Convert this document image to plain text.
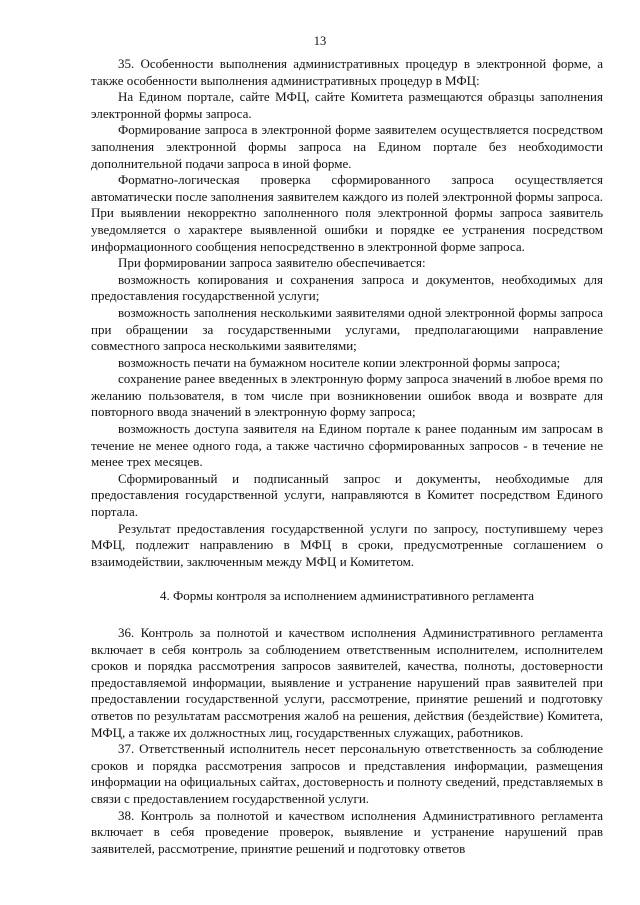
13

35. Особенности выполнения административных процедур в электронной форме, а также особенности выполнения административных процедур в МФЦ:

На Едином портале, сайте МФЦ, сайте Комитета размещаются образцы заполнения электронной формы запроса.

Формирование запроса в электронной форме заявителем осуществляется посредством заполнения электронной формы запроса на Едином портале без необходимости дополнительной подачи запроса в иной форме.

Форматно-логическая проверка сформированного запроса осуществляется автоматически после заполнения заявителем каждого из полей электронной формы запроса. При выявлении некорректно заполненного поля электронной формы запроса заявитель уведомляется о характере выявленной ошибки и порядке ее устранения посредством информационного сообщения непосредственно в электронной форме запроса.

При формировании запроса заявителю обеспечивается:

возможность копирования и сохранения запроса и документов, необходимых для предоставления государственной услуги;

возможность заполнения несколькими заявителями одной электронной формы запроса при обращении за государственными услугами, предполагающими направление совместного запроса несколькими заявителями;

возможность печати на бумажном носителе копии электронной формы запроса;

сохранение ранее введенных в электронную форму запроса значений в любое время по желанию пользователя, в том числе при возникновении ошибок ввода и возврате для повторного ввода значений в электронную форму запроса;

возможность доступа заявителя на Едином портале к ранее поданным им запросам в течение не менее одного года, а также частично сформированных запросов - в течение не менее трех месяцев.

Сформированный и подписанный запрос и документы, необходимые для предоставления государственной услуги, направляются в Комитет посредством Единого портала.

Результат предоставления государственной услуги по запросу, поступившему через МФЦ, подлежит направлению в МФЦ в сроки, предусмотренные соглашением о взаимодействии, заключенным между МФЦ и Комитетом.

4. Формы контроля за исполнением административного регламента

36. Контроль за полнотой и качеством исполнения Административного регламента включает в себя контроль за соблюдением ответственным исполнителем, исполнителем сроков и порядка рассмотрения запросов заявителей, качества, полноты, достоверности предоставляемой информации, выявление и устранение нарушений прав заявителей при предоставлении государственной услуги, рассмотрение, принятие решений и подготовку ответов по результатам рассмотрения жалоб на решения, действия (бездействие) Комитета, МФЦ, а также их должностных лиц, государственных служащих, работников.

37. Ответственный исполнитель несет персональную ответственность за соблюдение сроков и порядка рассмотрения запросов и представления информации, размещения информации на официальных сайтах, достоверность и полноту сведений, представляемых в связи с предоставлением государственной услуги.

38. Контроль за полнотой и качеством исполнения Административного регламента включает в себя проведение проверок, выявление и устранение нарушений прав заявителей, рассмотрение, принятие решений и подготовку ответов
